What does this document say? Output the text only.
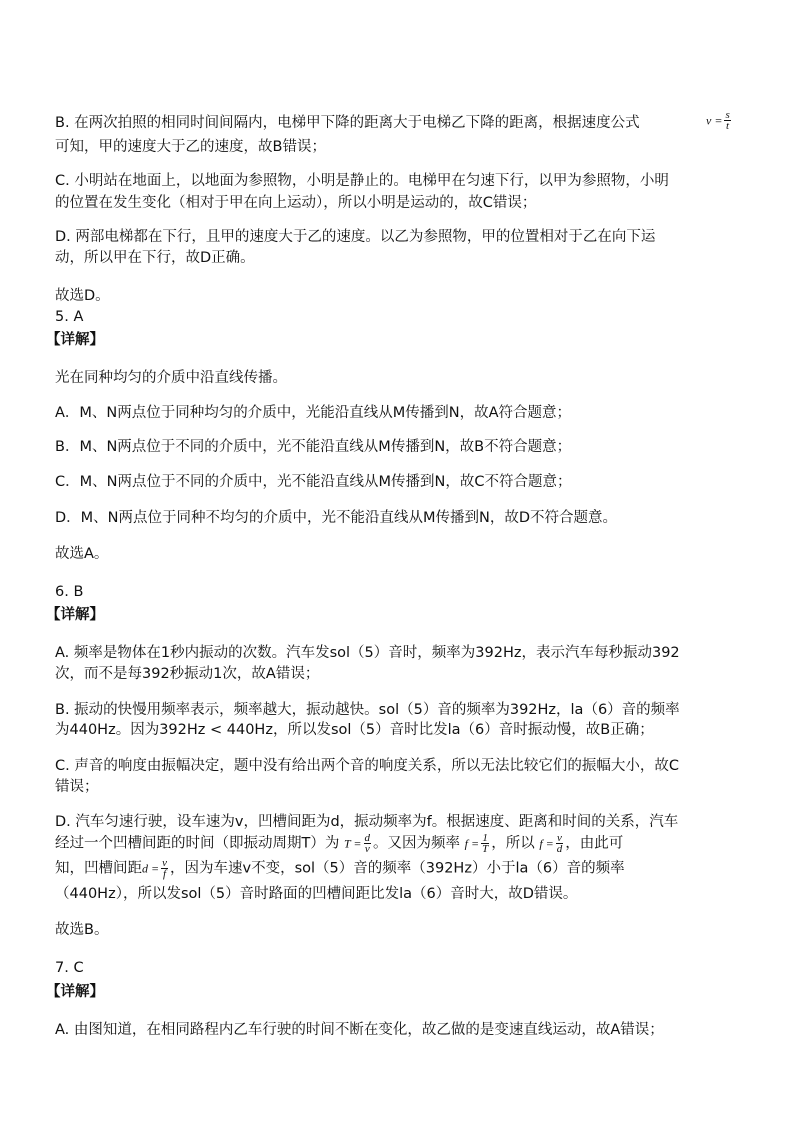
B. 在两次拍照的相同时间间隔内，电梯甲下降的距离大于电梯乙下降的距离，根据速度公式	$v = \frac{s}{t}$
可知，甲的速度大于乙的速度，故B错误；
C. 小明站在地面上，以地面为参照物，小明是静止的。电梯甲在匀速下行，以甲为参照物，小明
的位置在发生变化（相对于甲在向上运动），所以小明是运动的，故C错误；
D. 两部电梯都在下行，且甲的速度大于乙的速度。以乙为参照物，甲的位置相对于乙在向下运
动，所以甲在下行，故D正确。
故选D。
5. A
【详解】
光在同种均匀的介质中沿直线传播。
A．M、N两点位于同种均匀的介质中，光能沿直线从M传播到N，故A符合题意；
B．M、N两点位于不同的介质中，光不能沿直线从M传播到N，故B不符合题意；
C．M、N两点位于不同的介质中，光不能沿直线从M传播到N，故C不符合题意；
D．M、N两点位于同种不均匀的介质中，光不能沿直线从M传播到N，故D不符合题意。
故选A。
6. B
【详解】
A. 频率是物体在1秒内振动的次数。汽车发sol（5）音时，频率为392Hz，表示汽车每秒振动392
次，而不是每392秒振动1次，故A错误；
B. 振动的快慢用频率表示，频率越大，振动越快。sol（5）音的频率为392Hz，la（6）音的频率
为440Hz。因为392Hz < 440Hz，所以发sol（5）音时比发la（6）音时振动慢，故B正确；
C. 声音的响度由振幅决定，题中没有给出两个音的响度关系，所以无法比较它们的振幅大小，故C
错误；
D. 汽车匀速行驶，设车速为v，凹槽间距为d，振动频率为f。根据速度、距离和时间的关系，汽车
经过一个凹槽间距的时间（即振动周期T）为 $T = \frac{d}{v}$ 。又因为频率 $f = \frac{1}{T}$ ，所以 $f = \frac{v}{d}$ ，由此可
知，凹槽间距$d = \frac{v}{f}$ ，因为车速v不变，sol（5）音的频率（392Hz）小于la（6）音的频率
（440Hz），所以发sol（5）音时路面的凹槽间距比发la（6）音时大，故D错误。
故选B。
7. C
【详解】
A. 由图知道，在相同路程内乙车行驶的时间不断在变化，故乙做的是变速直线运动，故A错误；
